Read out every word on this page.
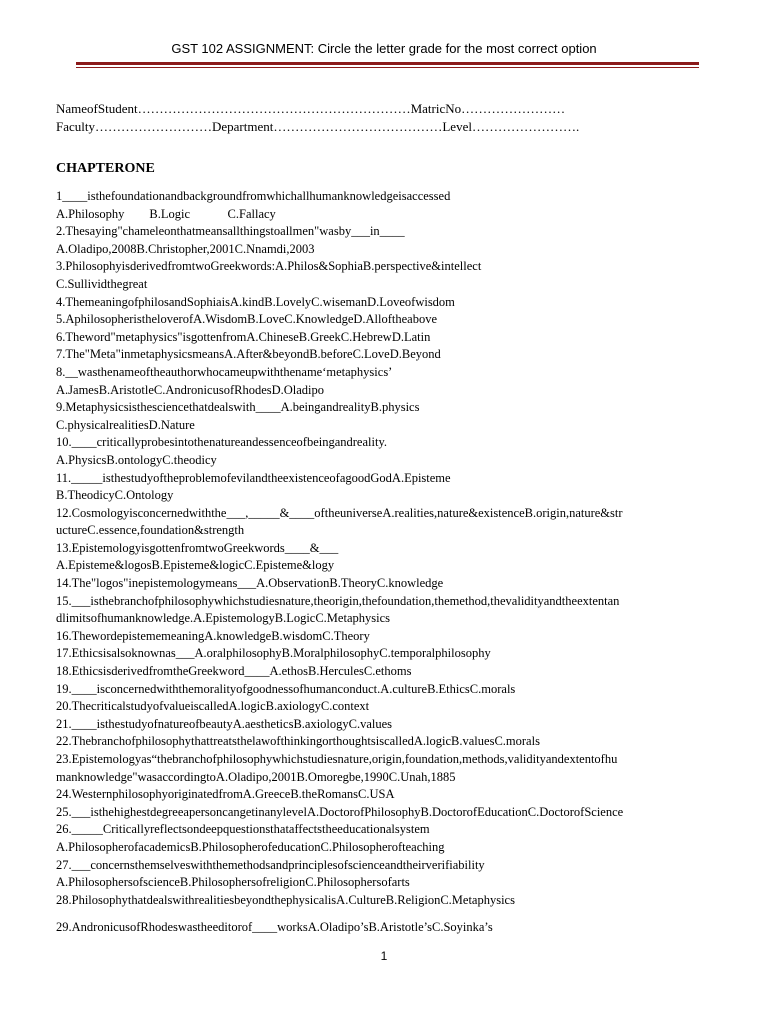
GST 102 ASSIGNMENT: Circle the letter grade for the most correct option
NameofStudent………………………………………………………MatricNo……………………
Faculty………………………Department…………………………………Level…………………….
CHAPTERONE
1____isthefoundationandbackgroundfromwhichallhumanknowledgeisaccessed
A.Philosophy        B.Logic            C.Fallacy
2.Thesaying"chameleonthatmeansallthingstoallmen"wasby___in____
A.Oladipo,2008B.Christopher,2001C.Nnamdi,2003
3.PhilosophyisderivedfromtwoGreekwords:A.Philos&SophiaB.perspective&intellect
C.Sullividthegreat
4.ThemeaningofphilosandSophiaisA.kindB.LovelyC.wisemanD.Loveofwisdom
5.AphilosopheristheloverofA.WisdomB.LoveC.KnowledgeD.Alloftheabove
6.Theword"metaphysics"isgottenfromA.ChineseB.GreekC.HebrewD.Latin
7.The"Meta"inmetaphysicsmeansA.After&beyondB.beforeC.LoveD.Beyond
8.__wasthenameoftheauthorwhocameupwiththename‘metaphysics’
A.JamesB.AristotleC.AndronicusofRhodesD.Oladipo
9.Metaphysicsisthesciencethatdealswith____A.beingandrealityB.physics
C.physicalrealitiesD.Nature
10.____criticallyprobesintothenatureandessenceofbeingandreality.
A.PhysicsB.ontologyC.theodicy
11._____isthestudyoftheproblemofevilandtheexistenceofagoodGodA.Episteme
B.TheodicyC.Ontology
12.Cosmologyisconcernedwiththe___,_____&____oftheuniverseA.realities,nature&existenceB.origin,nature&str
uctureC.essence,foundation&strength
13.EpistemologyisgottenfromtwoGreekwords____&___
A.Episteme&logosB.Episteme&logicC.Episteme&logy
14.The"logos"inepistemologymeans___A.ObservationB.TheoryC.knowledge
15.___isthebranchofphilosophywhichstudiesnature,theorigin,thefoundation,themethod,thevalidityandtheextentan
dlimitsofhumanknowledge.A.EpistemologyB.LogicC.Metaphysics
16.ThewordepistememeaningA.knowledgeB.wisdomC.Theory
17.Ethicsisalsoknownas___A.oralphilosophyB.MoralphilosophyC.temporalphilosophy
18.EthicsisderivedfromtheGreekword____A.ethosB.HerculesC.ethoms
19.____isconcernedwiththemoralityofgoodnessofhumanconduct.A.cultureB.EthicsC.morals
20.ThecriticalstudyofvalueiscalledA.logicB.axiologyC.context
21.____isthestudyofnatureofbeautyA.aestheticsB.axiologyC.values
22.ThebranchofphilosophythattreatsthelawofthinkingorthoughtsiscalledA.logicB.valuesC.morals
23.Epistemologyas“thebranchofphilosophywhichstudiesnature,origin,foundation,methods,validityandextentofhu
manknowledge"wasaccordingtoA.Oladipo,2001B.Omoregbe,1990C.Unah,1885
24.WesternphilosophyoriginatedfromA.GreeceB.theRomansC.USA
25.___isthehighestdegreeapersoncangetinanylevelA.DoctorofPhilosophyB.DoctorofEducationC.DoctorofScience
26._____Criticallyreflectsondeepquestionsthataffectstheeducationalsystem
A.PhilosopherofacademicsB.PhilosopherofeducationC.Philosopherofteaching
27.___concernsthemselveswiththemethodsandprinciplesofscienceandtheirverifiability
A.PhilosophersofscienceB.PhilosophersofreligionC.Philosophersofarts
28.PhilosophythatdealswithrealitiesbeyondthephysicalisA.CultureB.ReligionC.Metaphysics
29.AndronicusofRhodeswastheeditorof____worksA.Oladipo’sB.Aristotle’sC.Soyinka’s
1
